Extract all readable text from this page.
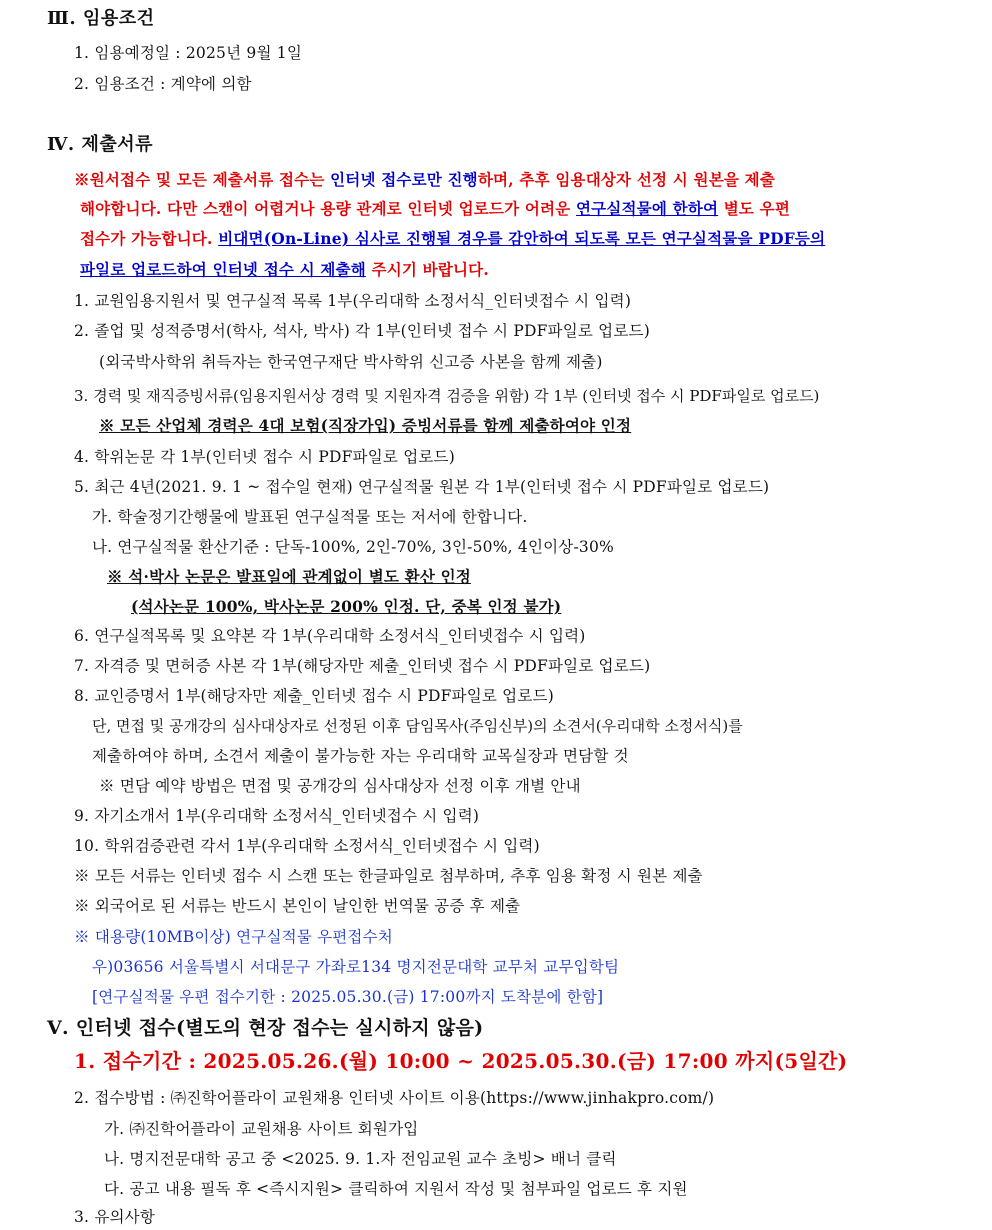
Ⅲ. 임용조건
1. 임용예정일 : 2025년 9월 1일
2. 임용조건 : 계약에 의함
Ⅳ. 제출서류
※원서접수 및 모든 제출서류 접수는 인터넷 접수로만 진행하며, 추후 임용대상자 선정 시 원본을 제출
해야합니다. 다만 스캔이 어렵거나 용량 관계로 인터넷 업로드가 어려운 연구실적물에 한하여 별도 우편
접수가 가능합니다. 비대면(On-Line) 심사로 진행될 경우를 감안하여 되도록 모든 연구실적물을 PDF등의
파일로 업로드하여 인터넷 접수 시 제출해 주시기 바랍니다.
1. 교원임용지원서 및 연구실적 목록 1부(우리대학 소정서식_인터넷접수 시 입력)
2. 졸업 및 성적증명서(학사, 석사, 박사) 각 1부(인터넷 접수 시 PDF파일로 업로드)
(외국박사학위 취득자는 한국연구재단 박사학위 신고증 사본을 함께 제출)
3. 경력 및 재직증빙서류(임용지원서상 경력 및 지원자격 검증을 위함) 각 1부 (인터넷 접수 시 PDF파일로 업로드)
※ 모든 산업체 경력은 4대 보험(직장가입) 증빙서류를 함께 제출하여야 인정
4. 학위논문 각 1부(인터넷 접수 시 PDF파일로 업로드)
5. 최근 4년(2021. 9. 1 ~ 접수일 현재) 연구실적물 원본 각 1부(인터넷 접수 시 PDF파일로 업로드)
가. 학술정기간행물에 발표된 연구실적물 또는 저서에 한합니다.
나. 연구실적물 환산기준 : 단독-100%, 2인-70%, 3인-50%, 4인이상-30%
※ 석·박사 논문은 발표일에 관계없이 별도 환산 인정
(석사논문 100%, 박사논문 200% 인정. 단, 중복 인정 불가)
6. 연구실적목록 및 요약본 각 1부(우리대학 소정서식_인터넷접수 시 입력)
7. 자격증 및 면허증 사본 각 1부(해당자만 제출_인터넷 접수 시 PDF파일로 업로드)
8. 교인증명서 1부(해당자만 제출_인터넷 접수 시 PDF파일로 업로드)
단, 면접 및 공개강의 심사대상자로 선정된 이후 담임목사(주임신부)의 소견서(우리대학 소정서식)를
제출하여야 하며, 소견서 제출이 불가능한 자는 우리대학 교목실장과 면담할 것
※ 면담 예약 방법은 면접 및 공개강의 심사대상자 선정 이후 개별 안내
9. 자기소개서 1부(우리대학 소정서식_인터넷접수 시 입력)
10. 학위검증관련 각서 1부(우리대학 소정서식_인터넷접수 시 입력)
※ 모든 서류는 인터넷 접수 시 스캔 또는 한글파일로 첨부하며, 추후 임용 확정 시 원본 제출
※ 외국어로 된 서류는 반드시 본인이 날인한 번역물 공증 후 제출
※ 대용량(10MB이상) 연구실적물 우편접수처
우)03656 서울특별시 서대문구 가좌로134 명지전문대학 교무처 교무입학팀
[연구실적물 우편 접수기한 : 2025.05.30.(금) 17:00까지 도착분에 한함]
Ⅴ. 인터넷 접수(별도의 현장 접수는 실시하지 않음)
1. 접수기간 : 2025.05.26.(월) 10:00 ~ 2025.05.30.(금) 17:00 까지(5일간)
2. 접수방법 : ㈜진학어플라이 교원채용 인터넷 사이트 이용(https://www.jinhakpro.com/)
가. ㈜진학어플라이 교원채용 사이트 회원가입
나. 명지전문대학 공고 중 <2025. 9. 1.자 전임교원 교수 초빙> 배너 클릭
다. 공고 내용 필독 후 <즉시지원> 클릭하여 지원서 작성 및 첨부파일 업로드 후 지원
3. 유의사항
